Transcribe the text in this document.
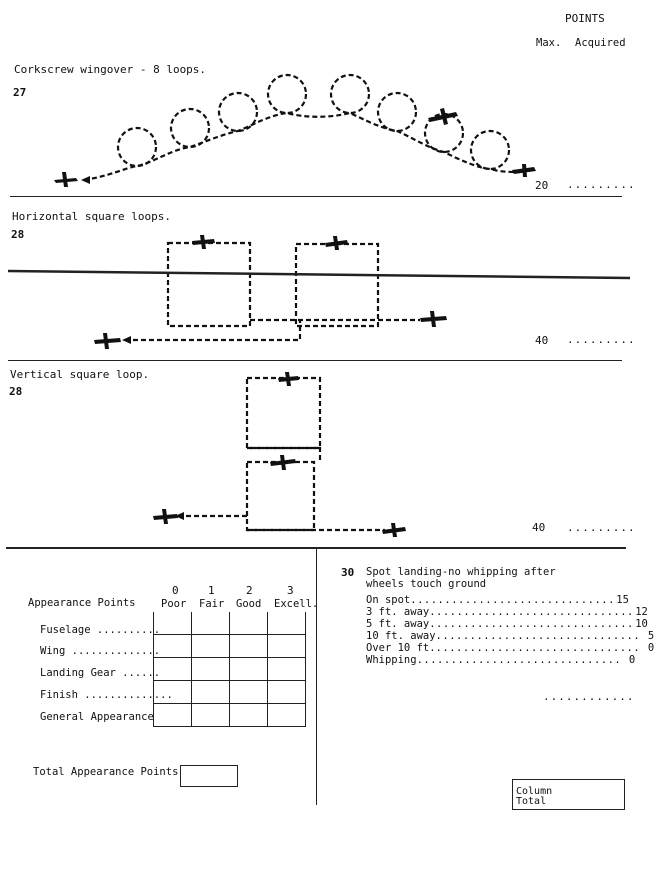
POINTS
Max. Acquired
Corkscrew wingover - 8 loops.
27
20 .........
Horizontal square loops.
28
40 .........
Vertical square loop.
28
40 .........
Appearance Points
0	1	2	3
Poor Fair Good Excell.

Fuselage ..........
Wing ..............
Landing Gear ......
Finish ..............
General Appearance
Total Appearance Points
30 Spot landing-no whipping after
wheels touch ground
On spot .............................. 15
3 ft. away .............................. 12
5 ft. away .............................. 10
10 ft. away .............................. 5
Over 10 ft. .............................. 0
Whipping .............................. 0
............
Column
Total
